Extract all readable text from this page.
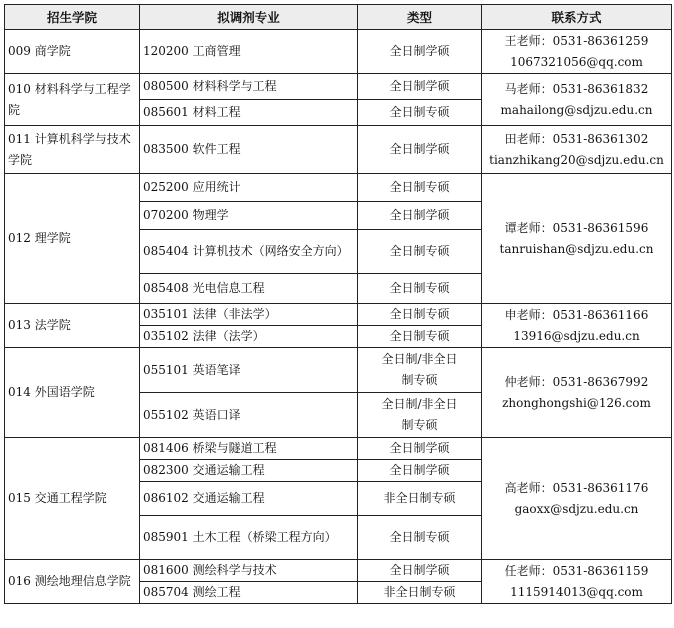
招生学院	拟调剂专业	类型	联系方式
009 商学院	120200 工商管理	全日制学硕	王老师：0531-86361259
1067321056@qq.com

010 材料科学与工程学院	080500 材料科学与工程	全日制学硕	马老师：0531-86361832
mahailong@sdjzu.edu.cn

	085601 材料工程	全日制专硕	
011 计算机科学与技术学院	083500 软件工程	全日制学硕	田老师：0531-86361302
tianzhikang20@sdjzu.edu.cn

012 理学院	025200 应用统计	全日制专硕	谭老师：0531-86361596
tanruishan@sdjzu.edu.cn

	070200 物理学	全日制学硕	
	085404 计算机技术（网络安全方向）	全日制专硕	
	085408 光电信息工程	全日制专硕	
013 法学院	035101 法律（非法学）	全日制专硕	申老师：0531-86361166
13916@sdjzu.edu.cn

	035102 法律（法学）	全日制专硕	
014 外国语学院	055101 英语笔译	全日制/非全日
制专硕	仲老师：0531-86367992
zhonghongshi@126.com

	055102 英语口译	全日制/非全日
制专硕	

015 交通工程学院	081406 桥梁与隧道工程	全日制学硕	高老师：0531-86361176
gaoxx@sdjzu.edu.cn

	082300 交通运输工程	全日制学硕	
	086102 交通运输工程	非全日制专硕	
	085901 土木工程（桥梁工程方向）	全日制专硕	
016 测绘地理信息学院	081600 测绘科学与技术	全日制学硕	任老师：0531-86361159
1115914013@qq.com

	085704 测绘工程	非全日制专硕	
